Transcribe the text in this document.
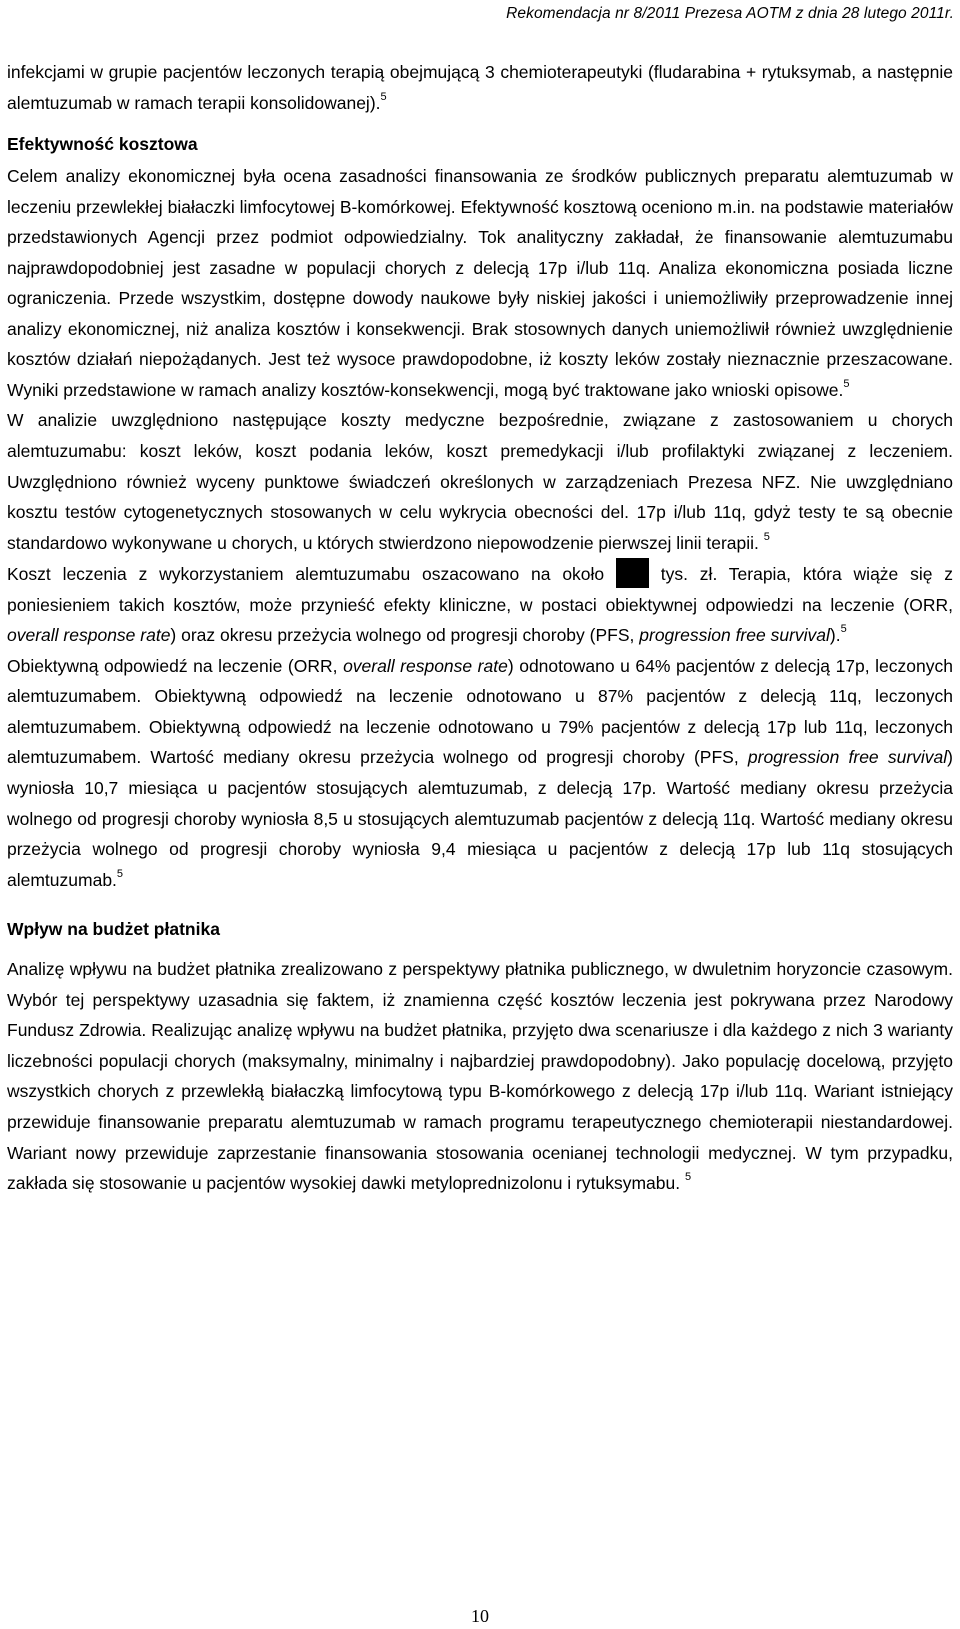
Rekomendacja nr 8/2011 Prezesa AOTM z dnia 28 lutego 2011r.

infekcjami w grupie pacjentów leczonych terapią obejmującą 3 chemioterapeutyki (fludarabina + rytuksymab, a następnie alemtuzumab w ramach terapii konsolidowanej).$^5$

Efektywność kosztowa

Celem analizy ekonomicznej była ocena zasadności finansowania ze środków publicznych preparatu alemtuzumab w leczeniu przewlekłej białaczki limfocytowej B-komórkowej. Efektywność kosztową oceniono m.in. na podstawie materiałów przedstawionych Agencji przez podmiot odpowiedzialny. Tok analityczny zakładał, że finansowanie alemtuzumabu najprawdopodobniej jest zasadne w populacji chorych z delecją 17p i/lub 11q. Analiza ekonomiczna posiada liczne ograniczenia. Przede wszystkim, dostępne dowody naukowe były niskiej jakości i uniemożliwiły przeprowadzenie innej analizy ekonomicznej, niż analiza kosztów i konsekwencji. Brak stosownych danych uniemożliwił również uwzględnienie kosztów działań niepożądanych. Jest też wysoce prawdopodobne, iż koszty leków zostały nieznacznie przeszacowane. Wyniki przedstawione w ramach analizy kosztów-konsekwencji, mogą być traktowane jako wnioski opisowe.$^5$

W analizie uwzględniono następujące koszty medyczne bezpośrednie, związane z zastosowaniem u chorych alemtuzumabu: koszt leków, koszt podania leków, koszt premedykacji i/lub profilaktyki związanej z leczeniem. Uwzględniono również wyceny punktowe świadczeń określonych w zarządzeniach Prezesa NFZ. Nie uwzględniano kosztu testów cytogenetycznych stosowanych w celu wykrycia obecności del. 17p i/lub 11q, gdyż testy te są obecnie standardowo wykonywane u chorych, u których stwierdzono niepowodzenie pierwszej linii terapii. $^5$

Koszt leczenia z wykorzystaniem alemtuzumabu oszacowano na około	tys. zł. Terapia, która wiąże się z poniesieniem takich kosztów, może przynieść efekty kliniczne, w postaci obiektywnej odpowiedzi na leczenie (ORR, overall response rate) oraz okresu przeżycia wolnego od progresji choroby (PFS, progression free survival).$^5$

Obiektywną odpowiedź na leczenie (ORR, overall response rate) odnotowano u 64% pacjentów z delecją 17p, leczonych alemtuzumabem. Obiektywną odpowiedź na leczenie odnotowano u 87% pacjentów z delecją 11q, leczonych alemtuzumabem. Obiektywną odpowiedź na leczenie odnotowano u 79% pacjentów z delecją 17p lub 11q, leczonych alemtuzumabem. Wartość mediany okresu przeżycia wolnego od progresji choroby (PFS, progression free survival) wyniosła 10,7 miesiąca u pacjentów stosujących alemtuzumab, z delecją 17p. Wartość mediany okresu przeżycia wolnego od progresji choroby wyniosła 8,5 u stosujących alemtuzumab pacjentów z delecją 11q. Wartość mediany okresu przeżycia wolnego od progresji choroby wyniosła 9,4 miesiąca u pacjentów z delecją 17p lub 11q stosujących alemtuzumab.$^5$

Wpływ na budżet płatnika

Analizę wpływu na budżet płatnika zrealizowano z perspektywy płatnika publicznego, w dwuletnim horyzoncie czasowym. Wybór tej perspektywy uzasadnia się faktem, iż znamienna część kosztów leczenia jest pokrywana przez Narodowy Fundusz Zdrowia. Realizując analizę wpływu na budżet płatnika, przyjęto dwa scenariusze i dla każdego z nich 3 warianty liczebności populacji chorych (maksymalny, minimalny i najbardziej prawdopodobny). Jako populację docelową, przyjęto wszystkich chorych z przewlekłą białaczką limfocytową typu B-komórkowego z delecją 17p i/lub 11q. Wariant istniejący przewiduje finansowanie preparatu alemtuzumab w ramach programu terapeutycznego chemioterapii niestandardowej. Wariant nowy przewiduje zaprzestanie finansowania stosowania ocenianej technologii medycznej. W tym przypadku, zakłada się stosowanie u pacjentów wysokiej dawki metyloprednizolonu i rytuksymabu. $^5$

10
